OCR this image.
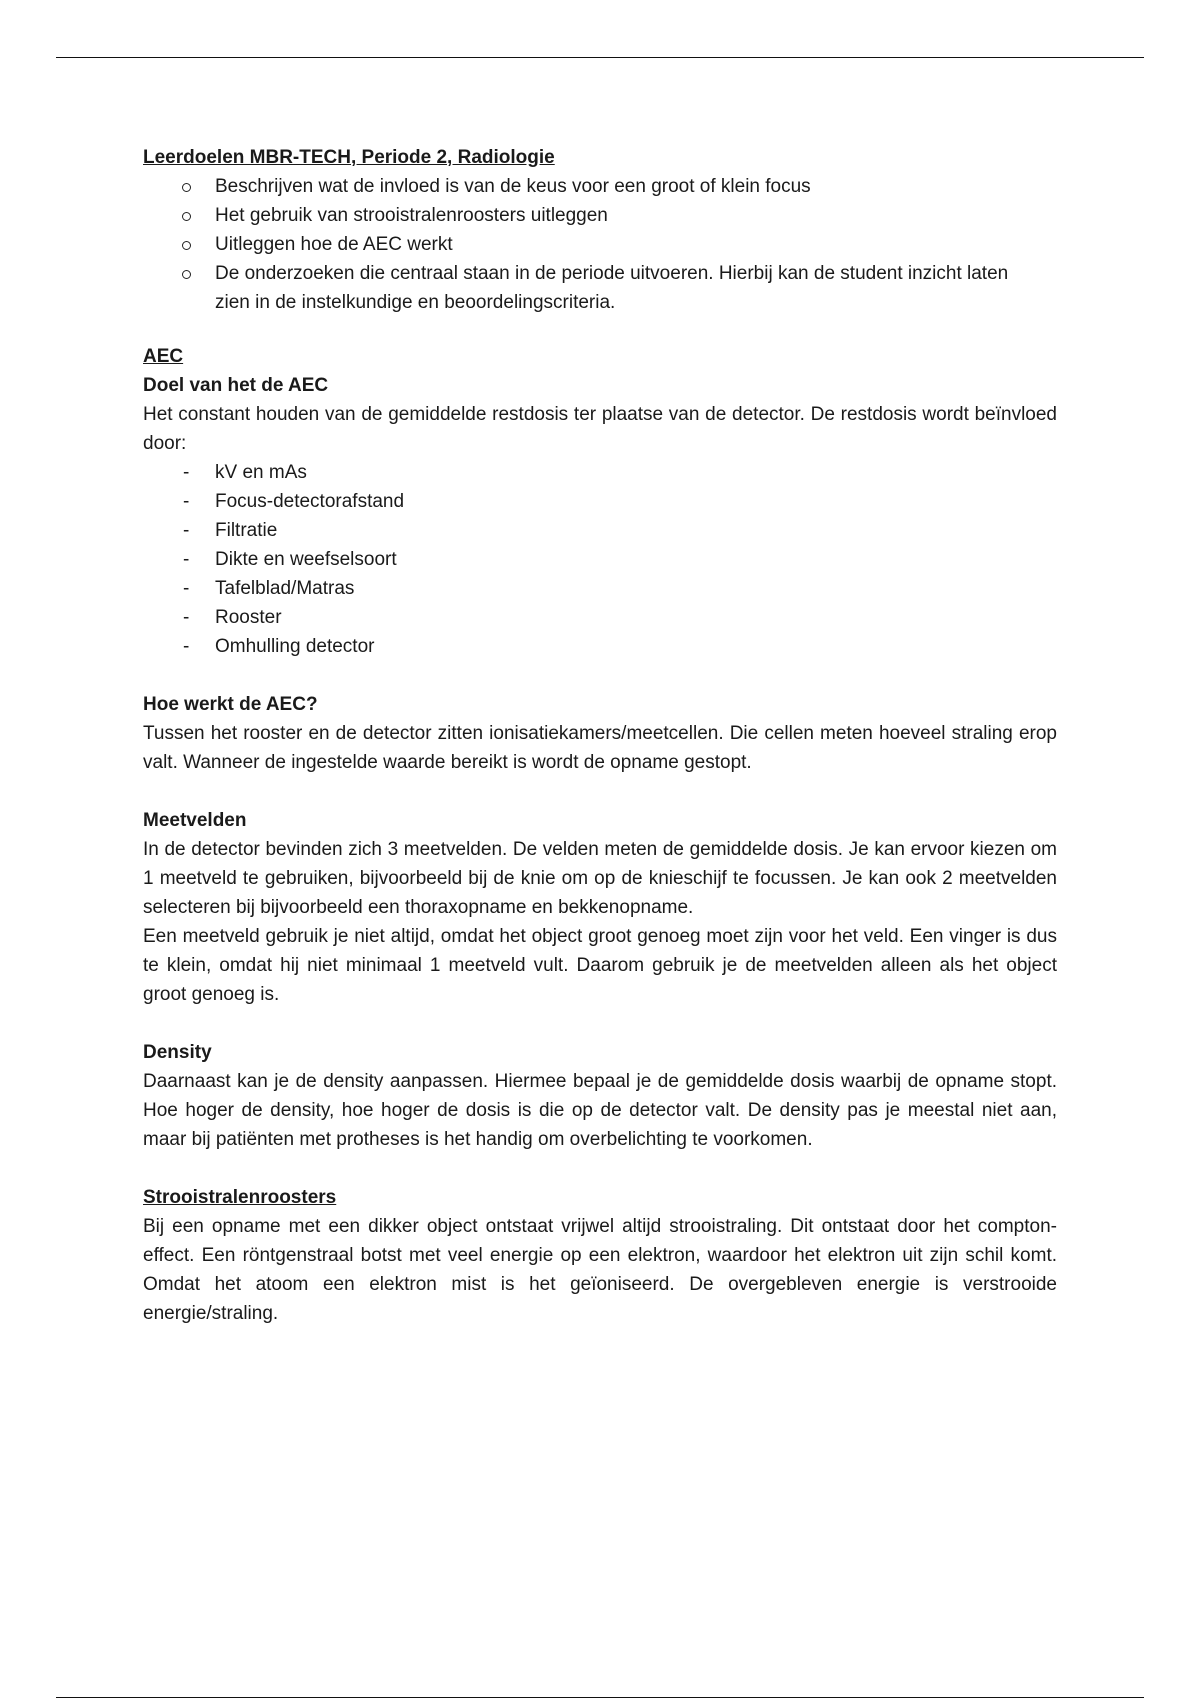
Leerdoelen MBR-TECH, Periode 2, Radiologie

Beschrijven wat de invloed is van de keus voor een groot of klein focus
Het gebruik van strooistralenroosters uitleggen
Uitleggen hoe de AEC werkt
De onderzoeken die centraal staan in de periode uitvoeren. Hierbij kan de student inzicht laten zien in de instelkundige en beoordelingscriteria.

AEC

Doel van het de AEC

Het constant houden van de gemiddelde restdosis ter plaatse van de detector. De restdosis wordt beïnvloed door:

- kV en mAs
- Focus-detectorafstand
- Filtratie
- Dikte en weefselsoort
- Tafelblad/Matras
- Rooster
- Omhulling detector

Hoe werkt de AEC?

Tussen het rooster en de detector zitten ionisatiekamers/meetcellen. Die cellen meten hoeveel straling erop valt. Wanneer de ingestelde waarde bereikt is wordt de opname gestopt.

Meetvelden

In de detector bevinden zich 3 meetvelden. De velden meten de gemiddelde dosis. Je kan ervoor kiezen om 1 meetveld te gebruiken, bijvoorbeeld bij de knie om op de knieschijf te focussen. Je kan ook 2 meetvelden selecteren bij bijvoorbeeld een thoraxopname en bekkenopname.

Een meetveld gebruik je niet altijd, omdat het object groot genoeg moet zijn voor het veld. Een vinger is dus te klein, omdat hij niet minimaal 1 meetveld vult. Daarom gebruik je de meetvelden alleen als het object groot genoeg is.

Density

Daarnaast kan je de density aanpassen. Hiermee bepaal je de gemiddelde dosis waarbij de opname stopt. Hoe hoger de density, hoe hoger de dosis is die op de detector valt. De density pas je meestal niet aan, maar bij patiënten met protheses is het handig om overbelichting te voorkomen.

Strooistralenroosters

Bij een opname met een dikker object ontstaat vrijwel altijd strooistraling. Dit ontstaat door het compton-effect. Een röntgenstraal botst met veel energie op een elektron, waardoor het elektron uit zijn schil komt. Omdat het atoom een elektron mist is het geïoniseerd. De overgebleven energie is verstrooide energie/straling.
